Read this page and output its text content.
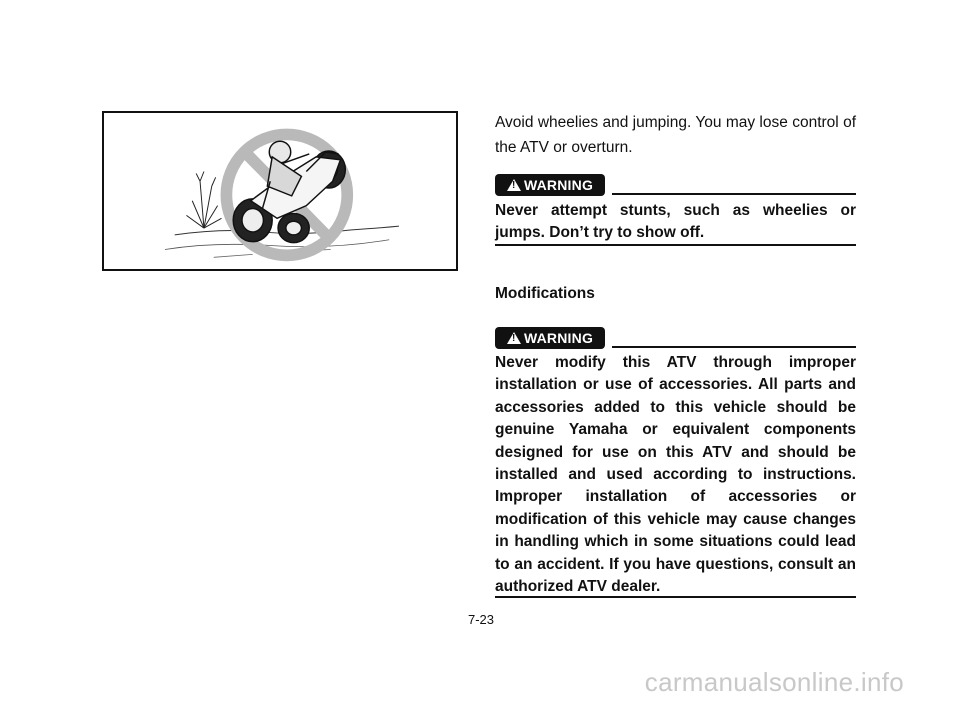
Avoid wheelies and jumping. You may lose control of the ATV or overturn.

!WARNING

Never attempt stunts, such as wheelies or jumps. Don’t try to show off.

Modifications
!WARNING

Never modify this ATV through improper installation or use of accessories. All parts and accessories added to this vehicle should be genuine Yamaha or equivalent components designed for use on this ATV and should be installed and used according to instructions. Improper installation of accessories or modification of this vehicle may cause changes in handling which in some situations could lead to an accident. If you have questions, consult an authorized ATV dealer.

7-23
carmanualsonline.info
